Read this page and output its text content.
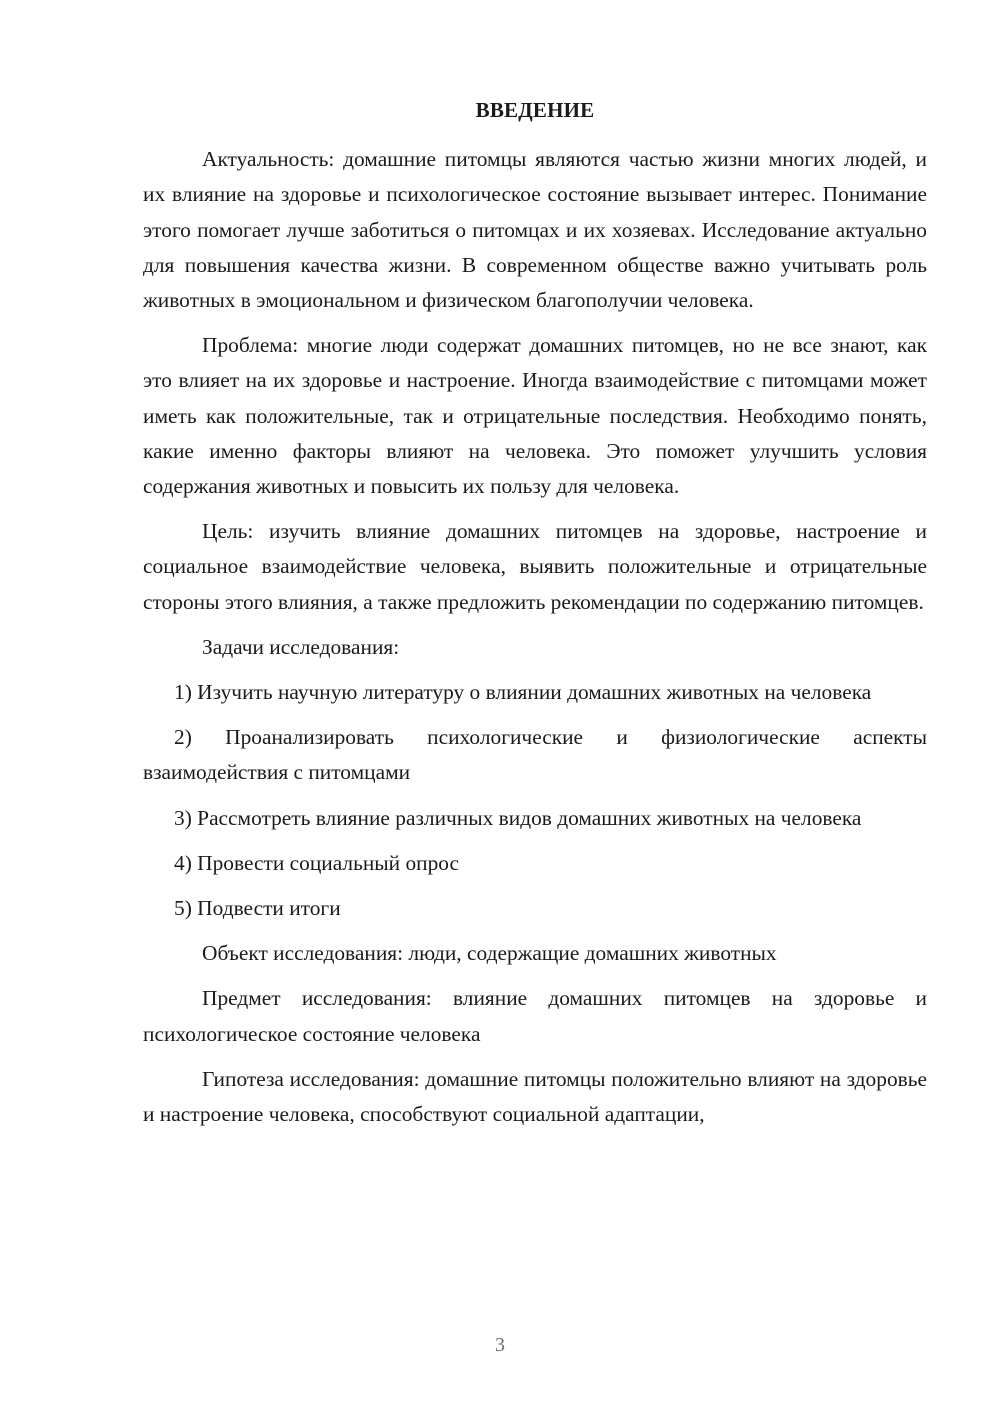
ВВЕДЕНИЕ

Актуальность: домашние питомцы являются частью жизни многих людей, и их влияние на здоровье и психологическое состояние вызывает интерес. Понимание этого помогает лучше заботиться о питомцах и их хозяевах. Исследование актуально для повышения качества жизни. В современном обществе важно учитывать роль животных в эмоциональном и физическом благополучии человека.

Проблема: многие люди содержат домашних питомцев, но не все знают, как это влияет на их здоровье и настроение. Иногда взаимодействие с питомцами может иметь как положительные, так и отрицательные последствия. Необходимо понять, какие именно факторы влияют на человека. Это поможет улучшить условия содержания животных и повысить их пользу для человека.

Цель: изучить влияние домашних питомцев на здоровье, настроение и социальное взаимодействие человека, выявить положительные и отрицательные стороны этого влияния, а также предложить рекомендации по содержанию питомцев.

Задачи исследования:

1) Изучить научную литературу о влиянии домашних животных на человека

2) Проанализировать психологические и физиологические аспекты взаимодействия с питомцами

3) Рассмотреть влияние различных видов домашних животных на человека

4) Провести социальный опрос

5) Подвести итоги

Объект исследования: люди, содержащие домашних животных

Предмет исследования: влияние домашних питомцев на здоровье и психологическое состояние человека

Гипотеза исследования: домашние питомцы положительно влияют на здоровье и настроение человека, способствуют социальной адаптации,

3
